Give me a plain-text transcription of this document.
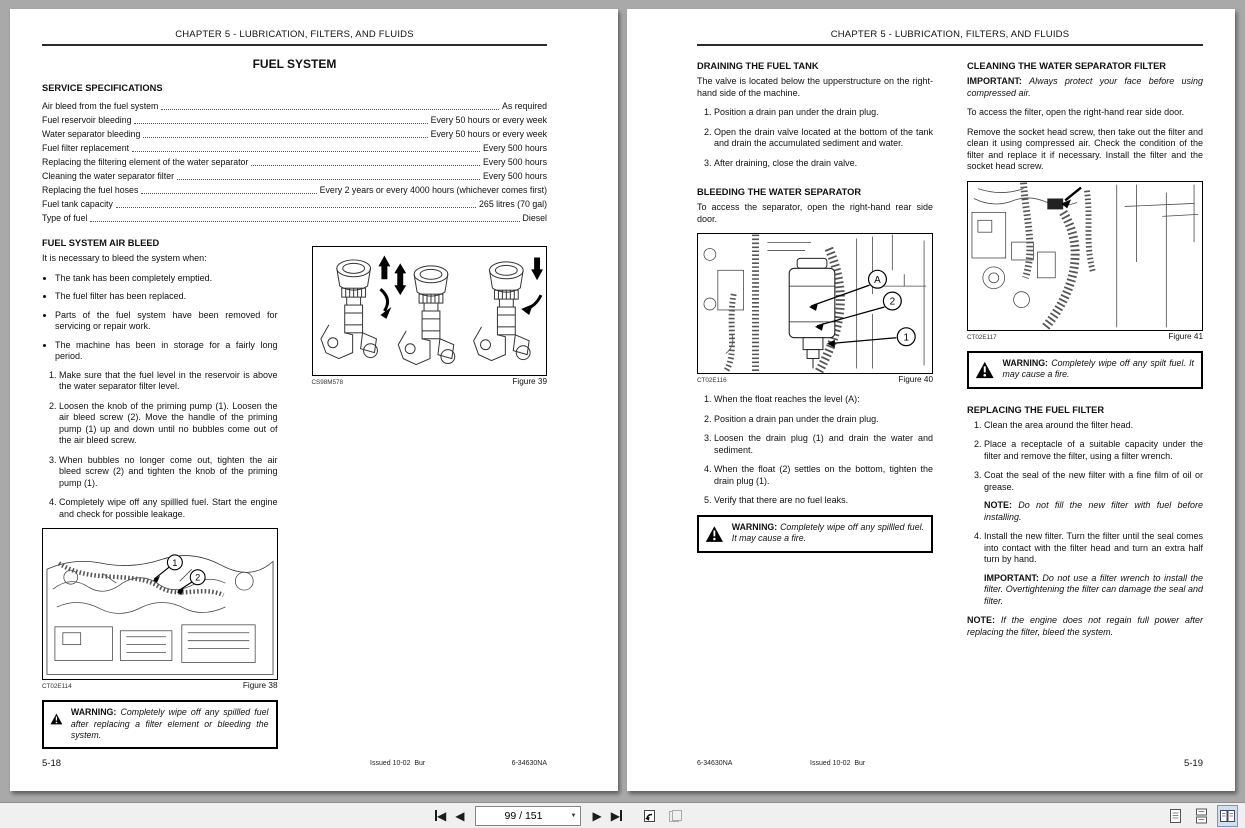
CHAPTER 5 - LUBRICATION, FILTERS, AND FLUIDS
FUEL SYSTEM
SERVICE SPECIFICATIONS
Air bleed from the fuel system	As required
Fuel reservoir bleeding	Every 50 hours or every week
Water separator bleeding	Every 50 hours or every week
Fuel filter replacement	Every 500 hours
Replacing the filtering element of the water separator	Every 500 hours
Cleaning the water separator filter	Every 500 hours
Replacing the fuel hoses	Every 2 years or every 4000 hours (whichever comes first)
Fuel tank capacity	265 litres (70 gal)
Type of fuel	Diesel
FUEL SYSTEM AIR BLEED

It is necessary to bleed the system when:

• The tank has been completely emptied.
• The fuel filter has been replaced.
• Parts of the fuel system have been removed for servicing or repair work.
• The machine has been in storage for a fairly long period.
1. Make sure that the fuel level in the reservoir is above the water separator filter level.
2. Loosen the knob of the priming pump (1). Loosen the air bleed screw (2). Move the handle of the priming pump (1) up and down until no bubbles come out of the air bleed screw.
3. When bubbles no longer come out, tighten the air bleed screw (2) and tighten the knob of the priming pump (1).
4. Completely wipe off any spillled fuel. Start the engine and check for possible leakage.
1
2
CT02E114	Figure 38
WARNING: Completely wipe off any spillled fuel after replacing a filter element or bleeding the system.
CS98M578	Figure 39
5-18	Issued 10-02 Bur	6-34630NA
CHAPTER 5 - LUBRICATION, FILTERS, AND FLUIDS
DRAINING THE FUEL TANK

The valve is located below the upperstructure on the right-hand side of the machine.

1. Position a drain pan under the drain plug.
2. Open the drain valve located at the bottom of the tank and drain the accumulated sediment and water.
3. After draining, close the drain valve.
BLEEDING THE WATER SEPARATOR

To access the separator, open the right-hand rear side door.

A
2
1
CT02E116	Figure 40
1. When the float reaches the level (A):
2. Position a drain pan under the drain plug.
3. Loosen the drain plug (1) and drain the water and sediment.
4. When the float (2) settles on the bottom, tighten the drain plug (1).
5. Verify that there are no fuel leaks.
WARNING: Completely wipe off any spillled fuel. It may cause a fire.
CLEANING THE WATER SEPARATOR FILTER

IMPORTANT: Always protect your face before using compressed air.

To access the filter, open the right-hand rear side door.

Remove the socket head screw, then take out the filter and clean it using compressed air. Check the condition of the filter and replace it if necessary. Install the filter and the socket head screw.

CT02E117	Figure 41
WARNING: Completely wipe off any spilt fuel. It may cause a fire.
REPLACING THE FUEL FILTER
1. Clean the area around the filter head.
2. Place a receptacle of a suitable capacity under the filter and remove the filter, using a filter wrench.
3. Coat the seal of the new filter with a fine film of oil or grease.
NOTE: Do not fill the new filter with fuel before installing.
4. Install the new filter. Turn the filter until the seal comes into contact with the filter head and turn an extra half turn by hand.
IMPORTANT: Do not use a filter wrench to install the filter. Overtightening the filter can damage the seal and filter.
NOTE: If the engine does not regain full power after replacing the filter, bleed the system.
6-34630NA	Issued 10-02 Bur	5-19
◀ ◀	99 / 151	▼ ▶ ▶
